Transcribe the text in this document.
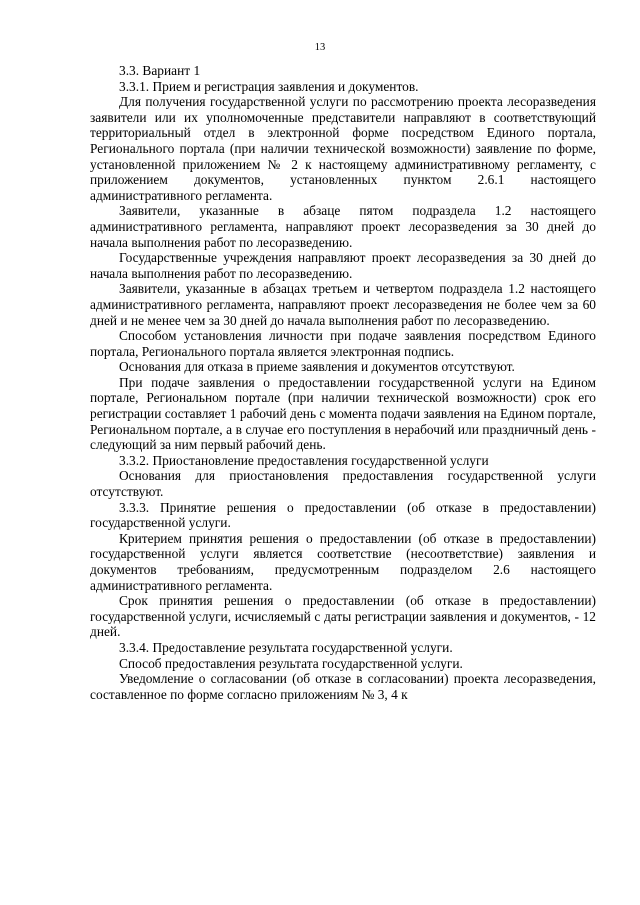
13

3.3. Вариант 1

3.3.1. Прием и регистрация заявления и документов.

Для получения государственной услуги по рассмотрению проекта лесоразведения заявители или их уполномоченные представители направляют в соответствующий территориальный отдел в электронной форме посредством Единого портала, Регионального портала (при наличии технической возможности) заявление по форме, установленной приложением № 2 к настоящему административному регламенту, с приложением документов, установленных пунктом 2.6.1 настоящего административного регламента.

Заявители, указанные в абзаце пятом подраздела 1.2 настоящего административного регламента, направляют проект лесоразведения за 30 дней до начала выполнения работ по лесоразведению.

Государственные учреждения направляют проект лесоразведения за 30 дней до начала выполнения работ по лесоразведению.

Заявители, указанные в абзацах третьем и четвертом подраздела 1.2 настоящего административного регламента, направляют проект лесоразведения не более чем за 60 дней и не менее чем за 30 дней до начала выполнения работ по лесоразведению.

Способом установления личности при подаче заявления посредством Единого портала, Регионального портала является электронная подпись.

Основания для отказа в приеме заявления и документов отсутствуют.

При подаче заявления о предоставлении государственной услуги на Едином портале, Региональном портале (при наличии технической возможности) срок его регистрации составляет 1 рабочий день с момента подачи заявления на Едином портале, Региональном портале, а в случае его поступления в нерабочий или праздничный день - следующий за ним первый рабочий день.

3.3.2. Приостановление предоставления государственной услуги

Основания для приостановления предоставления государственной услуги отсутствуют.

3.3.3. Принятие решения о предоставлении (об отказе в предоставлении) государственной услуги.

Критерием принятия решения о предоставлении (об отказе в предоставлении) государственной услуги является соответствие (несоответствие) заявления и документов требованиям, предусмотренным подразделом 2.6 настоящего административного регламента.

Срок принятия решения о предоставлении (об отказе в предоставлении) государственной услуги, исчисляемый с даты регистрации заявления и документов, - 12 дней.

3.3.4. Предоставление результата государственной услуги.

Способ предоставления результата государственной услуги.

Уведомление о согласовании (об отказе в согласовании) проекта лесоразведения, составленное по форме согласно приложениям № 3, 4 к
